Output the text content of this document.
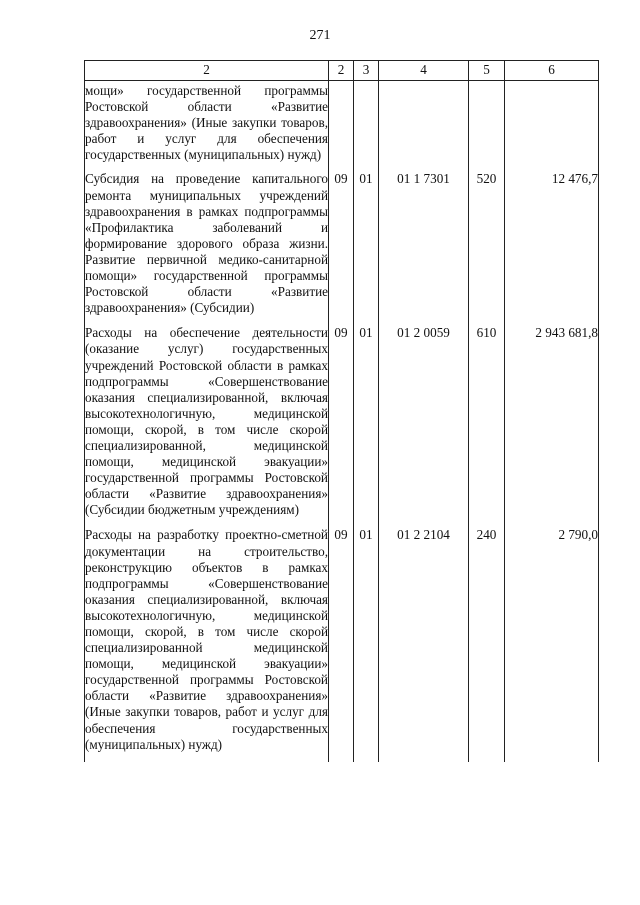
271
2	2	3	4	5	6
мощи» государственной программы Ростовской области «Развитие здравоохранения» (Иные закупки товаров, работ и услуг для обеспечения государственных (муниципальных) нужд)					
Субсидия на проведение капитального ремонта муниципальных учреждений здравоохранения в рамках подпрограммы «Профилактика заболеваний и формирование здорового образа жизни. Развитие первичной медико-санитарной помощи» государственной программы Ростовской области «Развитие здравоохранения» (Субсидии)	09	01	01 1 7301	520	12 476,7
Расходы на обеспечение деятельности (оказание услуг) государственных учреждений Ростовской области в рамках подпрограммы «Совершенствование оказания специализированной, включая высокотехнологичную, медицинской помощи, скорой, в том числе скорой специализированной, медицинской помощи, медицинской эвакуации» государственной программы Ростовской области «Развитие здравоохранения» (Субсидии бюджетным учреждениям)	09	01	01 2 0059	610	2 943 681,8
Расходы на разработку проектно-сметной документации на строительство, реконструкцию объектов в рамках подпрограммы «Совершенствование оказания специализированной, включая высокотехнологичную, медицинской помощи, скорой, в том числе скорой специализированной медицинской помощи, медицинской эвакуации» государственной программы Ростовской области «Развитие здравоохранения» (Иные закупки товаров, работ и услуг для обеспечения государственных (муниципальных) нужд)	09	01	01 2 2104	240	2 790,0
